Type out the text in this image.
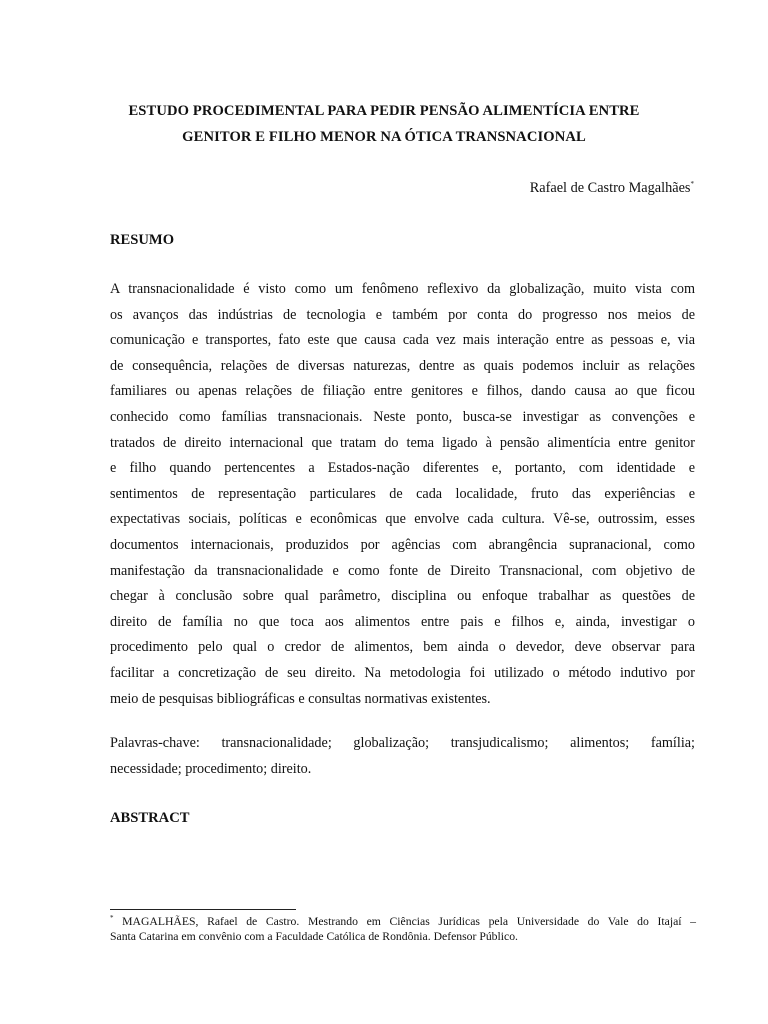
ESTUDO PROCEDIMENTAL PARA PEDIR PENSÃO ALIMENTÍCIA ENTRE
GENITOR E FILHO MENOR NA ÓTICA TRANSNACIONAL
Rafael de Castro Magalhães*
RESUMO
A transnacionalidade é visto como um fenômeno reflexivo da globalização, muito vista com
os avanços das indústrias de tecnologia e também por conta do progresso nos meios de
comunicação e transportes, fato este que causa cada vez mais interação entre as pessoas e, via
de consequência, relações de diversas naturezas, dentre as quais podemos incluir as relações
familiares ou apenas relações de filiação entre genitores e filhos, dando causa ao que ficou
conhecido como famílias transnacionais. Neste ponto, busca-se investigar as convenções e
tratados de direito internacional que tratam do tema ligado à pensão alimentícia entre genitor
e filho quando pertencentes a Estados-nação diferentes e, portanto, com identidade e
sentimentos de representação particulares de cada localidade, fruto das experiências e
expectativas sociais, políticas e econômicas que envolve cada cultura. Vê-se, outrossim, esses
documentos internacionais, produzidos por agências com abrangência supranacional, como
manifestação da transnacionalidade e como fonte de Direito Transnacional, com objetivo de
chegar à conclusão sobre qual parâmetro, disciplina ou enfoque trabalhar as questões de
direito de família no que toca aos alimentos entre pais e filhos e, ainda, investigar o
procedimento pelo qual o credor de alimentos, bem ainda o devedor, deve observar para
facilitar a concretização de seu direito. Na metodologia foi utilizado o método indutivo por
meio de pesquisas bibliográficas e consultas normativas existentes.
Palavras-chave: transnacionalidade; globalização; transjudicalismo; alimentos; família;
necessidade; procedimento; direito.
ABSTRACT
* MAGALHÃES, Rafael de Castro. Mestrando em Ciências Jurídicas pela Universidade do Vale do Itajaí –
Santa Catarina em convênio com a Faculdade Católica de Rondônia. Defensor Público.
